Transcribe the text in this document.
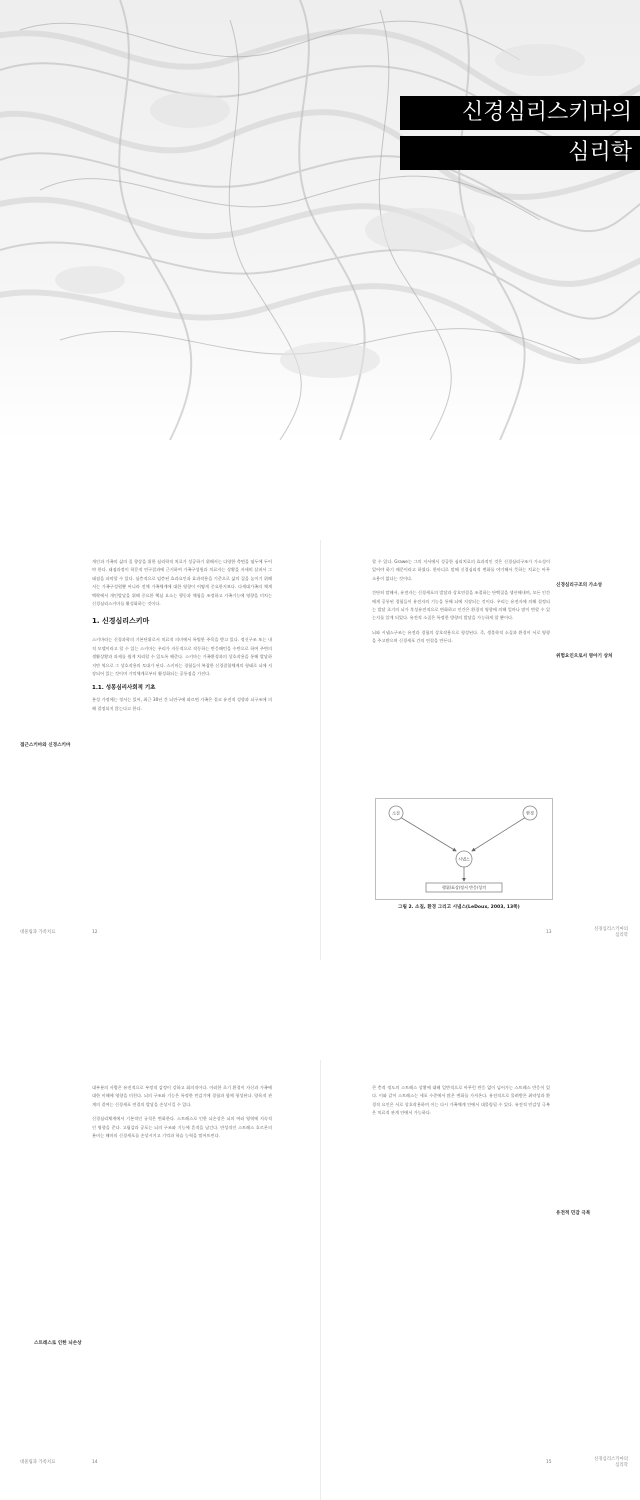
신경심리스키마의
심리학

개인과 가족의 삶의 질 향상을 위한 심리학적 치료가 성공하기 위해서는 다양한 측면을 염두에 두어야 한다. 태점과정이 학문적 연구결과에 근거하여 가족구성원과 치료자는 상황을 자세히 살펴서 그 태점을 파악할 수 있다. 심층적으로 임층된 효과요인과 효과작용을 기준으로 삶의 질을 높이기 위해서는 가족구성원뿐 아니라 전체 가족체계에 대한 영향이 어떻게 중요한지보다. 다세대가족의 체계맥락에서 개인발달을 위해 중요한 핵심 요소는 행동과 체험을 조정하고 가족기능에 영향을 미치는 신경심리스키마를 활성화하는 것이다.

1. 신경심리스키마

스키마라는 신경과학의 기본단위로서 치료적 의미에서 특별한 주목을 받고 있다. 정신구조 또는 내적 모델이라고 할 수 있는 스키마는 우리가 자동적으로 작동하는 반응패턴을 수반으로 하여 주변의 생활상황과 과제를 쉽게 처리할 수 있도록 해준다. 스키마는 가족환경과의 상호작용을 통해 발달하지만 역으로 그 상호작용의 토대가 된다. 스키마는 경험들이 복잡한 신경결합체계의 형태로 뇌에 저장되어 있는 것이며 기억체계로부터 활성화되는 공통점을 가진다.

1.1. 성몽심리사회적 기초

본성 가정에는 정서는 있어, 최근 30년 간 뇌연구에 따르면 가족은 결코 유전적 성향과 뇌구조에 의해 결정되지 않는다고 한다.

접근스키마와 신경스키마
대물림과 가족치료	12

할 수 있다. Grawe는 그의 저서에서 성공한 심리치료의 효과적인 것은 신경심리구조가 가소성이 있어야 하기 때문이라고 하였다. 한마디로 말해 신경심리적 변화를 야기해서 뜻하는 치료는 아무 소용이 없다는 것이다.

간단히 말해서, 유전자는 신경세포의 발달과 상호연결을 조절하는 단백질을 생산해내며, 모든 인간에게 공통된 경험들이 유전자의 기능을 통해 뇌에 저장되는 것이다. 우리는 유전자에 의해 결정되는 발달 초기의 뇌가 후성유전적으로 변화하고 인간은 환경적 영향에 의해 얼마나 많이 변할 수 있는지를 알게 되었다. 유전적 소질은 특정한 방향의 발달을 가능하게 할 뿐이다.

뇌와 시냅스구조는 유전과 경험의 상호작용으로 형성된다. 즉, 생물학적 소질과 환경이 서로 영향을 주고받으며 신경세포 간의 연결을 만든다.

신경심리구조의 가소성
위험요인으로서 영아기 상처
소질	환경
시냅스
행위/표상/정서 반응/성격
그림 2. 소질, 환경 그리고 시냅스(LeDoux, 2003, 13쪽)
13
신경심리스키마의
심리학

대부분의 사람은 유전적으로 부정적 감정이 강하고 회의적이다. 이러한 초기 환경이 자신과 가족에 대한 이해에 영향을 미친다. 뇌의 구조와 기능은 특정한 민감기에 경험과 함께 형성된다. 양육적 관계의 결여는 신경세포 연결의 발달을 손상시킬 수 있다.

신경심리체계에서 기본적인 규칙은 변화한다. 스트레스로 인한 뇌손상은 뇌의 여러 영역에 지속적인 영향을 준다. 고립감과 공포는 뇌의 구조와 기능에 흔적을 남긴다. 만성적인 스트레스 호르몬의 분비는 해마의 신경세포를 손상시키고 기억과 학습 능력을 떨어뜨린다.

스트레스로 인한 뇌손상
대물림과 가족치료	14

큰 충격 정도의 스트레스 상황에 대해 일반적으로 아무런 반응 없이 넘어가는 스트레스 반응이 있다. 이와 같이 스트레스는 세포 수준에서 많은 변화를 가져온다. 유전적으로 물려받은 취약성과 환경적 요인은 서로 상호작용하며 이는 다시 가족체계 안에서 대물림될 수 있다. 유전적 민감성 극복은 치료적 관계 안에서 가능하다.

유전적 민감 극복
15
신경심리스키마의
심리학
